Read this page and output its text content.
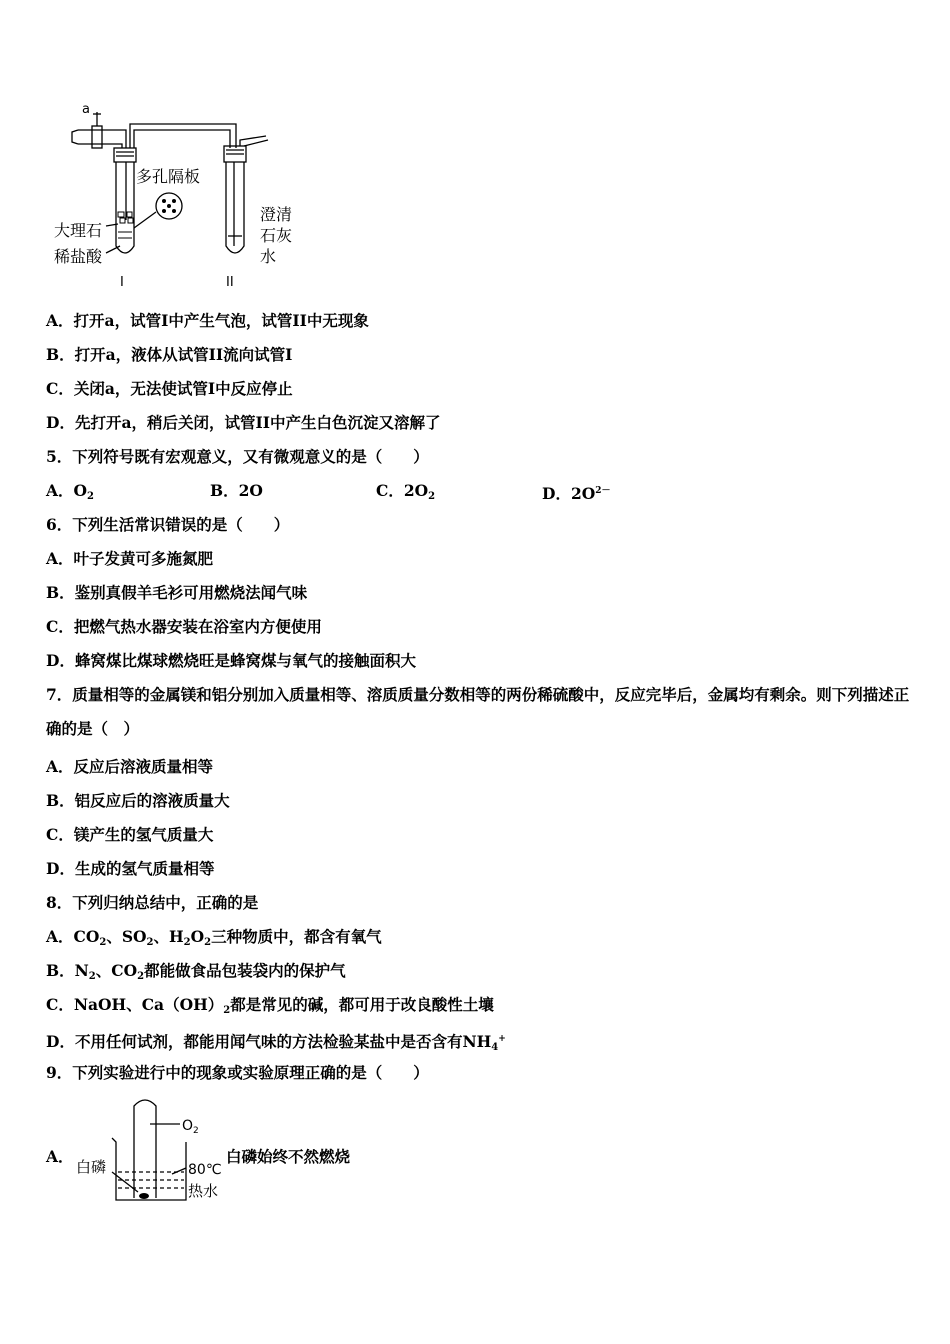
a
多孔隔板
大理石
稀盐酸
澄清
石灰
水
I	II
A．打开a，试管I中产生气泡，试管II中无现象
B．打开a，液体从试管II流向试管I
C．关闭a，无法使试管I中反应停止
D．先打开a，稍后关闭，试管II中产生白色沉淀又溶解了
5．下列符号既有宏观意义，又有微观意义的是（　　）
A．$O_2$	B．2O	C．$2O_2$	D．$2O^{2-}$
6．下列生活常识错误的是（　　）
A．叶子发黄可多施氮肥
B．鉴别真假羊毛衫可用燃烧法闻气味
C．把燃气热水器安装在浴室内方便使用
D．蜂窝煤比煤球燃烧旺是蜂窝煤与氧气的接触面积大
7．质量相等的金属镁和铝分别加入质量相等、溶质质量分数相等的两份稀硫酸中，反应完毕后，金属均有剩余。则下列描述正确的是（　）
A．反应后溶液质量相等
B．铝反应后的溶液质量大
C．镁产生的氢气质量大
D．生成的氢气质量相等
8．下列归纳总结中，正确的是
A．$CO_2$、$SO_2$、$H_2O_2$三种物质中，都含有氧气
B．$N_2$、$CO_2$都能做食品包装袋内的保护气
C．NaOH、$Ca(OH)_2$都是常见的碱，都可用于改良酸性土壤
D．不用任何试剂，都能用闻气味的方法检验某盐中是否含有$NH_4^+$
9．下列实验进行中的现象或实验原理正确的是（　　）
A．
$O_2$
白磷	80℃
热水
白磷始终不然燃烧
